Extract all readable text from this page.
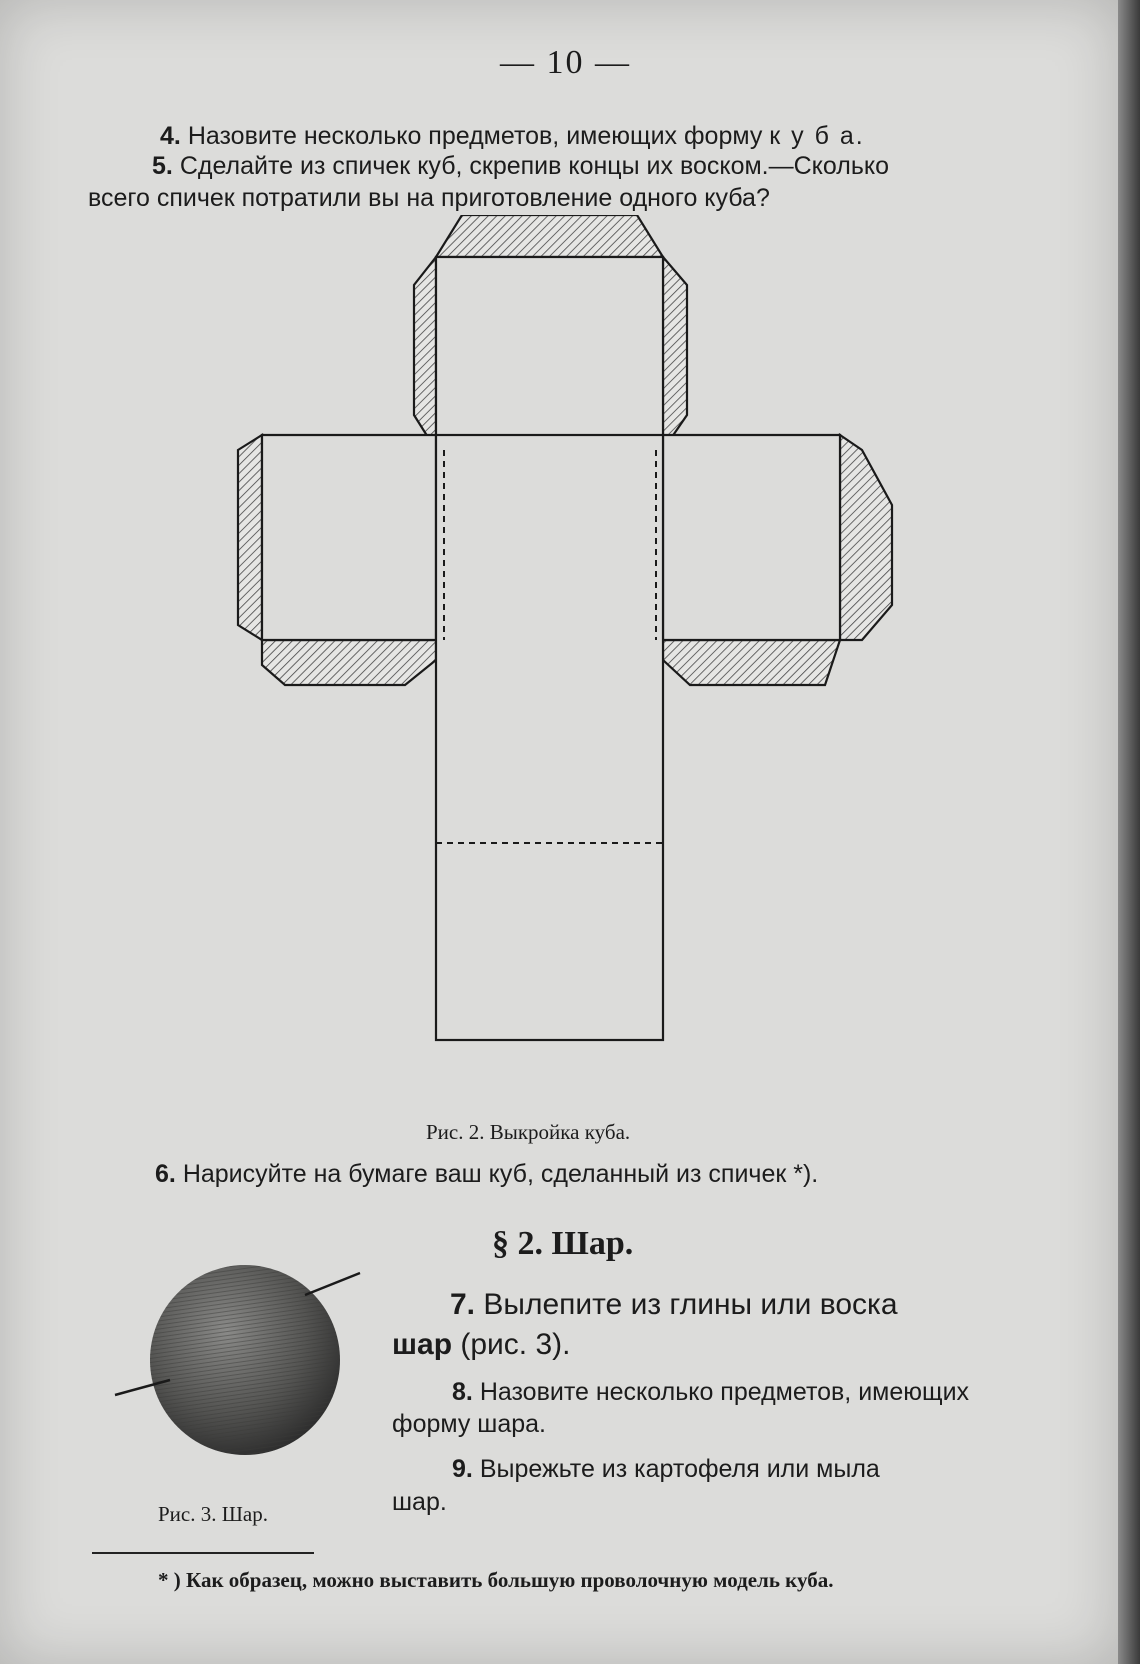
— 10 —
4. Назовите несколько предметов, имеющих форму к у б а.
5. Сделайте из спичек куб, скрепив концы их воском.—Сколько
всего спичек потратили вы на приготовление одного куба?
Рис. 2. Выкройка куба.
6. Нарисуйте на бумаге ваш куб, сделанный из спичек *).
§ 2. Шар.
Рис. 3. Шар.
7. Вылепите из глины или воска
шар (рис. 3).
8. Назовите несколько предметов, имеющих
форму шара.
9. Вырежьте из картофеля или мыла
шар.
* ) Как образец, можно выставить большую проволочную модель куба.
